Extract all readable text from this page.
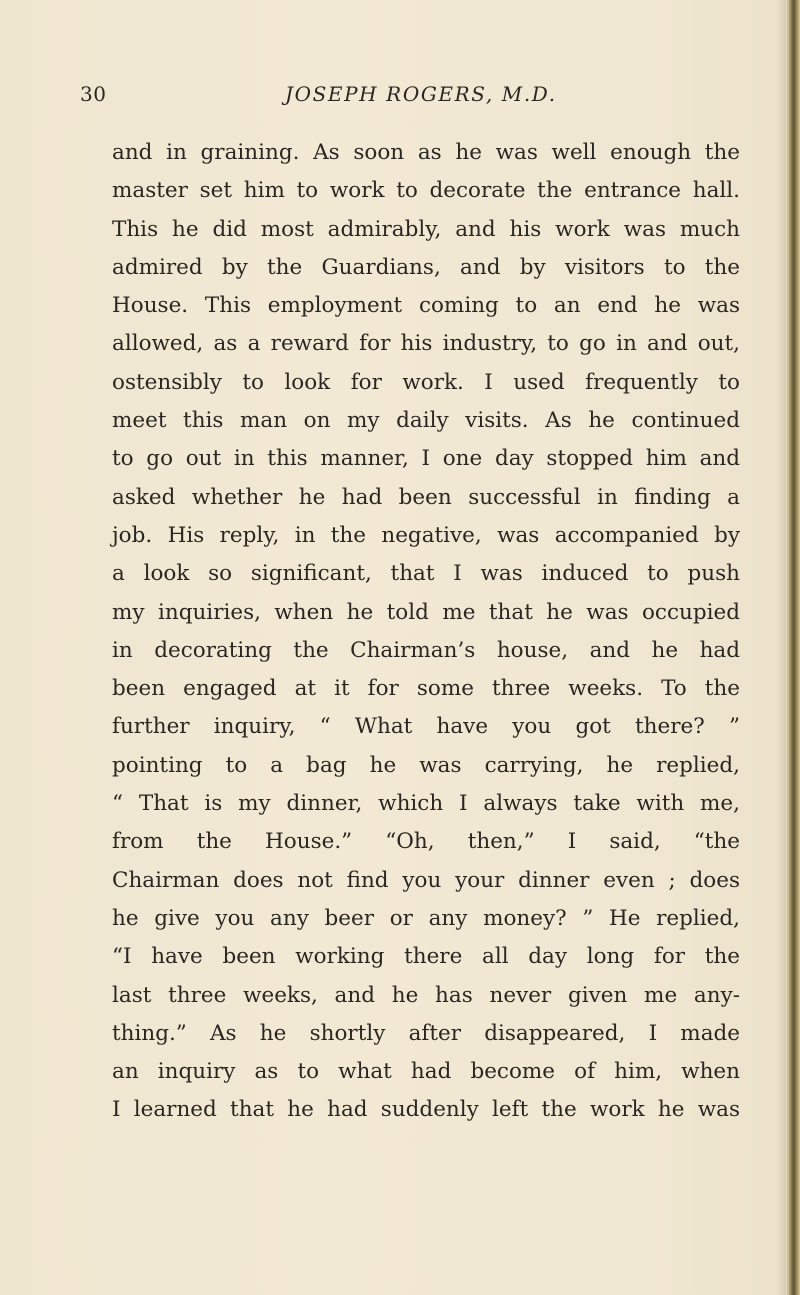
30	JOSEPH ROGERS, M.D.
and in graining. As soon as he was well enough the
master set him to work to decorate the entrance hall.
This he did most admirably, and his work was much
admired by the Guardians, and by visitors to the
House. This employment coming to an end he was
allowed, as a reward for his industry, to go in and out,
ostensibly to look for work. I used frequently to
meet this man on my daily visits. As he continued
to go out in this manner, I one day stopped him and
asked whether he had been successful in finding a
job. His reply, in the negative, was accompanied by
a look so significant, that I was induced to push
my inquiries, when he told me that he was occupied
in decorating the Chairman’s house, and he had
been engaged at it for some three weeks. To the
further inquiry, “ What have you got there? ”
pointing to a bag he was carrying, he replied,
“ That is my dinner, which I always take with me,
from the House.” “Oh, then,” I said, “the
Chairman does not find you your dinner even ; does
he give you any beer or any money? ” He replied,
“I have been working there all day long for the
last three weeks, and he has never given me any-
thing.” As he shortly after disappeared, I made
an inquiry as to what had become of him, when
I learned that he had suddenly left the work he was
